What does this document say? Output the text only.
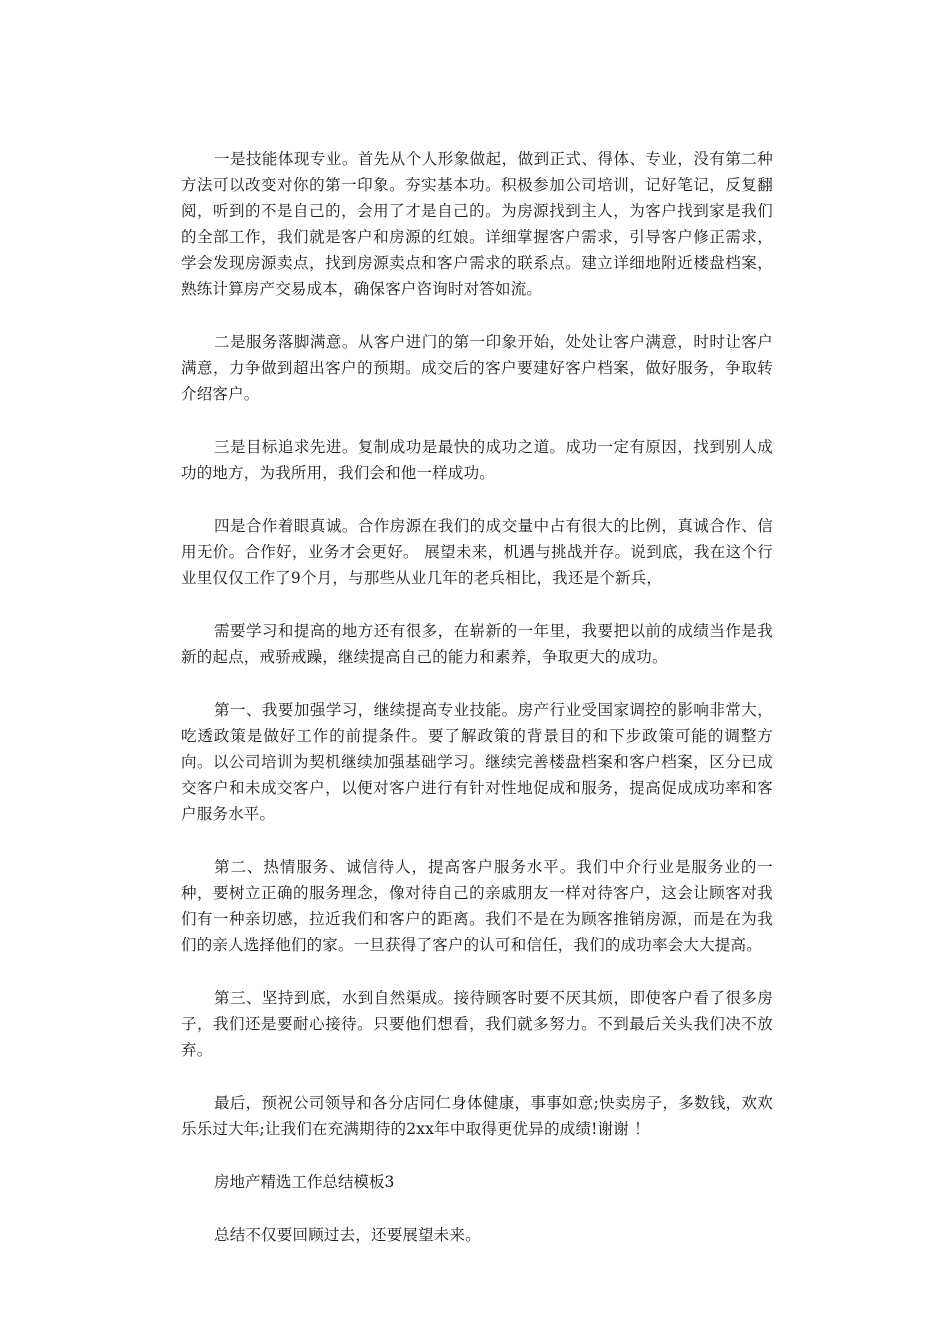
一是技能体现专业。首先从个人形象做起，做到正式、得体、专业，没有第二种方法可以改变对你的第一印象。夯实基本功。积极参加公司培训，记好笔记，反复翻阅，听到的不是自己的，会用了才是自己的。为房源找到主人，为客户找到家是我们的全部工作，我们就是客户和房源的红娘。详细掌握客户需求，引导客户修正需求，学会发现房源卖点，找到房源卖点和客户需求的联系点。建立详细地附近楼盘档案，熟练计算房产交易成本，确保客户咨询时对答如流。

二是服务落脚满意。从客户进门的第一印象开始，处处让客户满意，时时让客户满意，力争做到超出客户的预期。成交后的客户要建好客户档案，做好服务，争取转介绍客户。

三是目标追求先进。复制成功是最快的成功之道。成功一定有原因，找到别人成功的地方，为我所用，我们会和他一样成功。

四是合作着眼真诚。合作房源在我们的成交量中占有很大的比例，真诚合作、信用无价。合作好，业务才会更好。 展望未来，机遇与挑战并存。说到底，我在这个行业里仅仅工作了9个月，与那些从业几年的老兵相比，我还是个新兵，

需要学习和提高的地方还有很多，在崭新的一年里，我要把以前的成绩当作是我新的起点，戒骄戒躁，继续提高自己的能力和素养，争取更大的成功。

第一、我要加强学习，继续提高专业技能。房产行业受国家调控的影响非常大，吃透政策是做好工作的前提条件。要了解政策的背景目的和下步政策可能的调整方向。以公司培训为契机继续加强基础学习。继续完善楼盘档案和客户档案，区分已成交客户和未成交客户，以便对客户进行有针对性地促成和服务，提高促成成功率和客户服务水平。

第二、热情服务、诚信待人，提高客户服务水平。我们中介行业是服务业的一种，要树立正确的服务理念，像对待自己的亲戚朋友一样对待客户，这会让顾客对我们有一种亲切感，拉近我们和客户的距离。我们不是在为顾客推销房源，而是在为我们的亲人选择他们的家。一旦获得了客户的认可和信任，我们的成功率会大大提高。

第三、坚持到底，水到自然渠成。接待顾客时要不厌其烦，即使客户看了很多房子，我们还是要耐心接待。只要他们想看，我们就多努力。不到最后关头我们决不放弃。

最后，预祝公司领导和各分店同仁身体健康，事事如意;快卖房子，多数钱，欢欢乐乐过大年;让我们在充满期待的2xx年中取得更优异的成绩!谢谢 ！

房地产精选工作总结模板3

总结不仅要回顾过去，还要展望未来。
